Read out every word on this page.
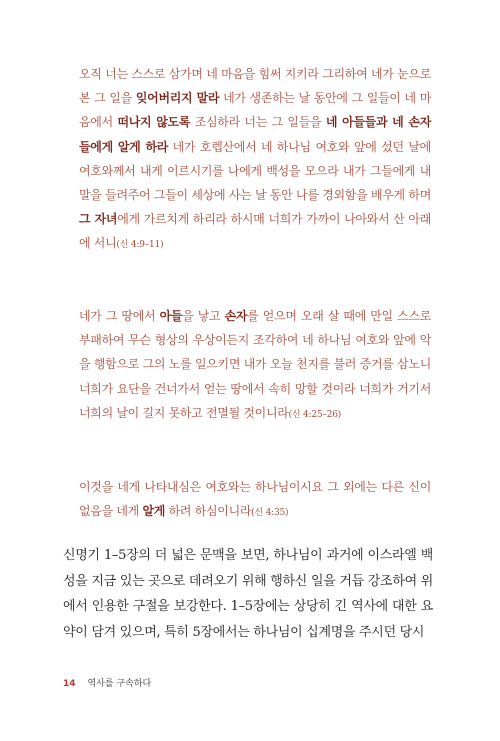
오직 너는 스스로 삼가며 네 마음을 힘써 지키라 그리하여 네가 눈으로 본 그 일을 잊어버리지 말라 네가 생존하는 날 동안에 그 일들이 네 마음에서 떠나지 않도록 조심하라 너는 그 일들을 네 아들들과 네 손자들에게 알게 하라 네가 호렙산에서 네 하나님 여호와 앞에 섰던 날에 여호와께서 내게 이르시기를 나에게 백성을 모으라 내가 그들에게 내 말을 들려주어 그들이 세상에 사는 날 동안 나를 경외함을 배우게 하며 그 자녀에게 가르치게 하리라 하시매 너희가 가까이 나아와서 산 아래에 서니(신 4:9–11)
네가 그 땅에서 아들을 낳고 손자를 얻으며 오래 살 때에 만일 스스로 부패하여 무슨 형상의 우상이든지 조각하여 네 하나님 여호와 앞에 악을 행함으로 그의 노를 일으키면 내가 오늘 천지를 불러 증거를 삼노니 너희가 요단을 건너가서 얻는 땅에서 속히 망할 것이라 너희가 거기서 너희의 날이 길지 못하고 전멸될 것이니라(신 4:25–26)
이것을 네게 나타내심은 여호와는 하나님이시요 그 외에는 다른 신이 없음을 네게 알게 하려 하심이니라(신 4:35)
신명기 1–5장의 더 넓은 문맥을 보면, 하나님이 과거에 이스라엘 백성을 지금 있는 곳으로 데려오기 위해 행하신 일을 거듭 강조하여 위에서 인용한 구절을 보강한다. 1–5장에는 상당히 긴 역사에 대한 요약이 담겨 있으며, 특히 5장에서는 하나님이 십계명을 주시던 당시
14 역사를 구속하다
